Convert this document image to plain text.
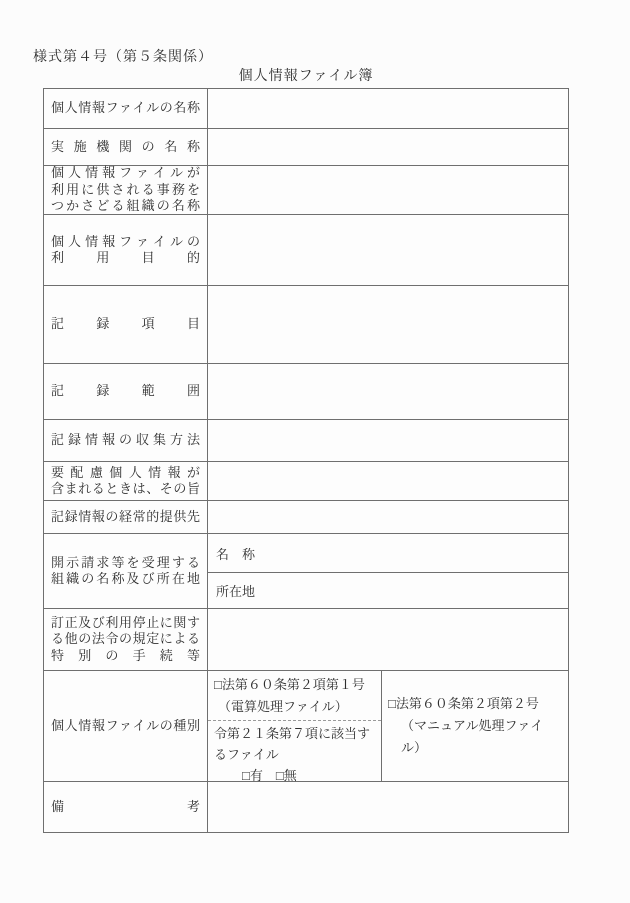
様式第４号（第５条関係）
個人情報ファイル簿
個人情報ファイルの名称
実施機関の名称
個人情報ファイルが
利用に供される事務を
つかさどる組織の名称
個人情報ファイルの
利用目的
記録項目
記録範囲
記録情報の収集方法
要配慮個人情報が
含まれるときは、その旨
記録情報の経常的提供先
開示請求等を受理する
組織の名称及び所在地
名　称
所在地
訂正及び利用停止に関す
る他の法令の規定による
特別の手続等
個人情報ファイルの種別
□法第６０条第２項第１号
（電算処理ファイル）
令第２１条第７項に該当す
るファイル
□有　□無
□法第６０条第２項第２号
（マニュアル処理ファイル）
備考
